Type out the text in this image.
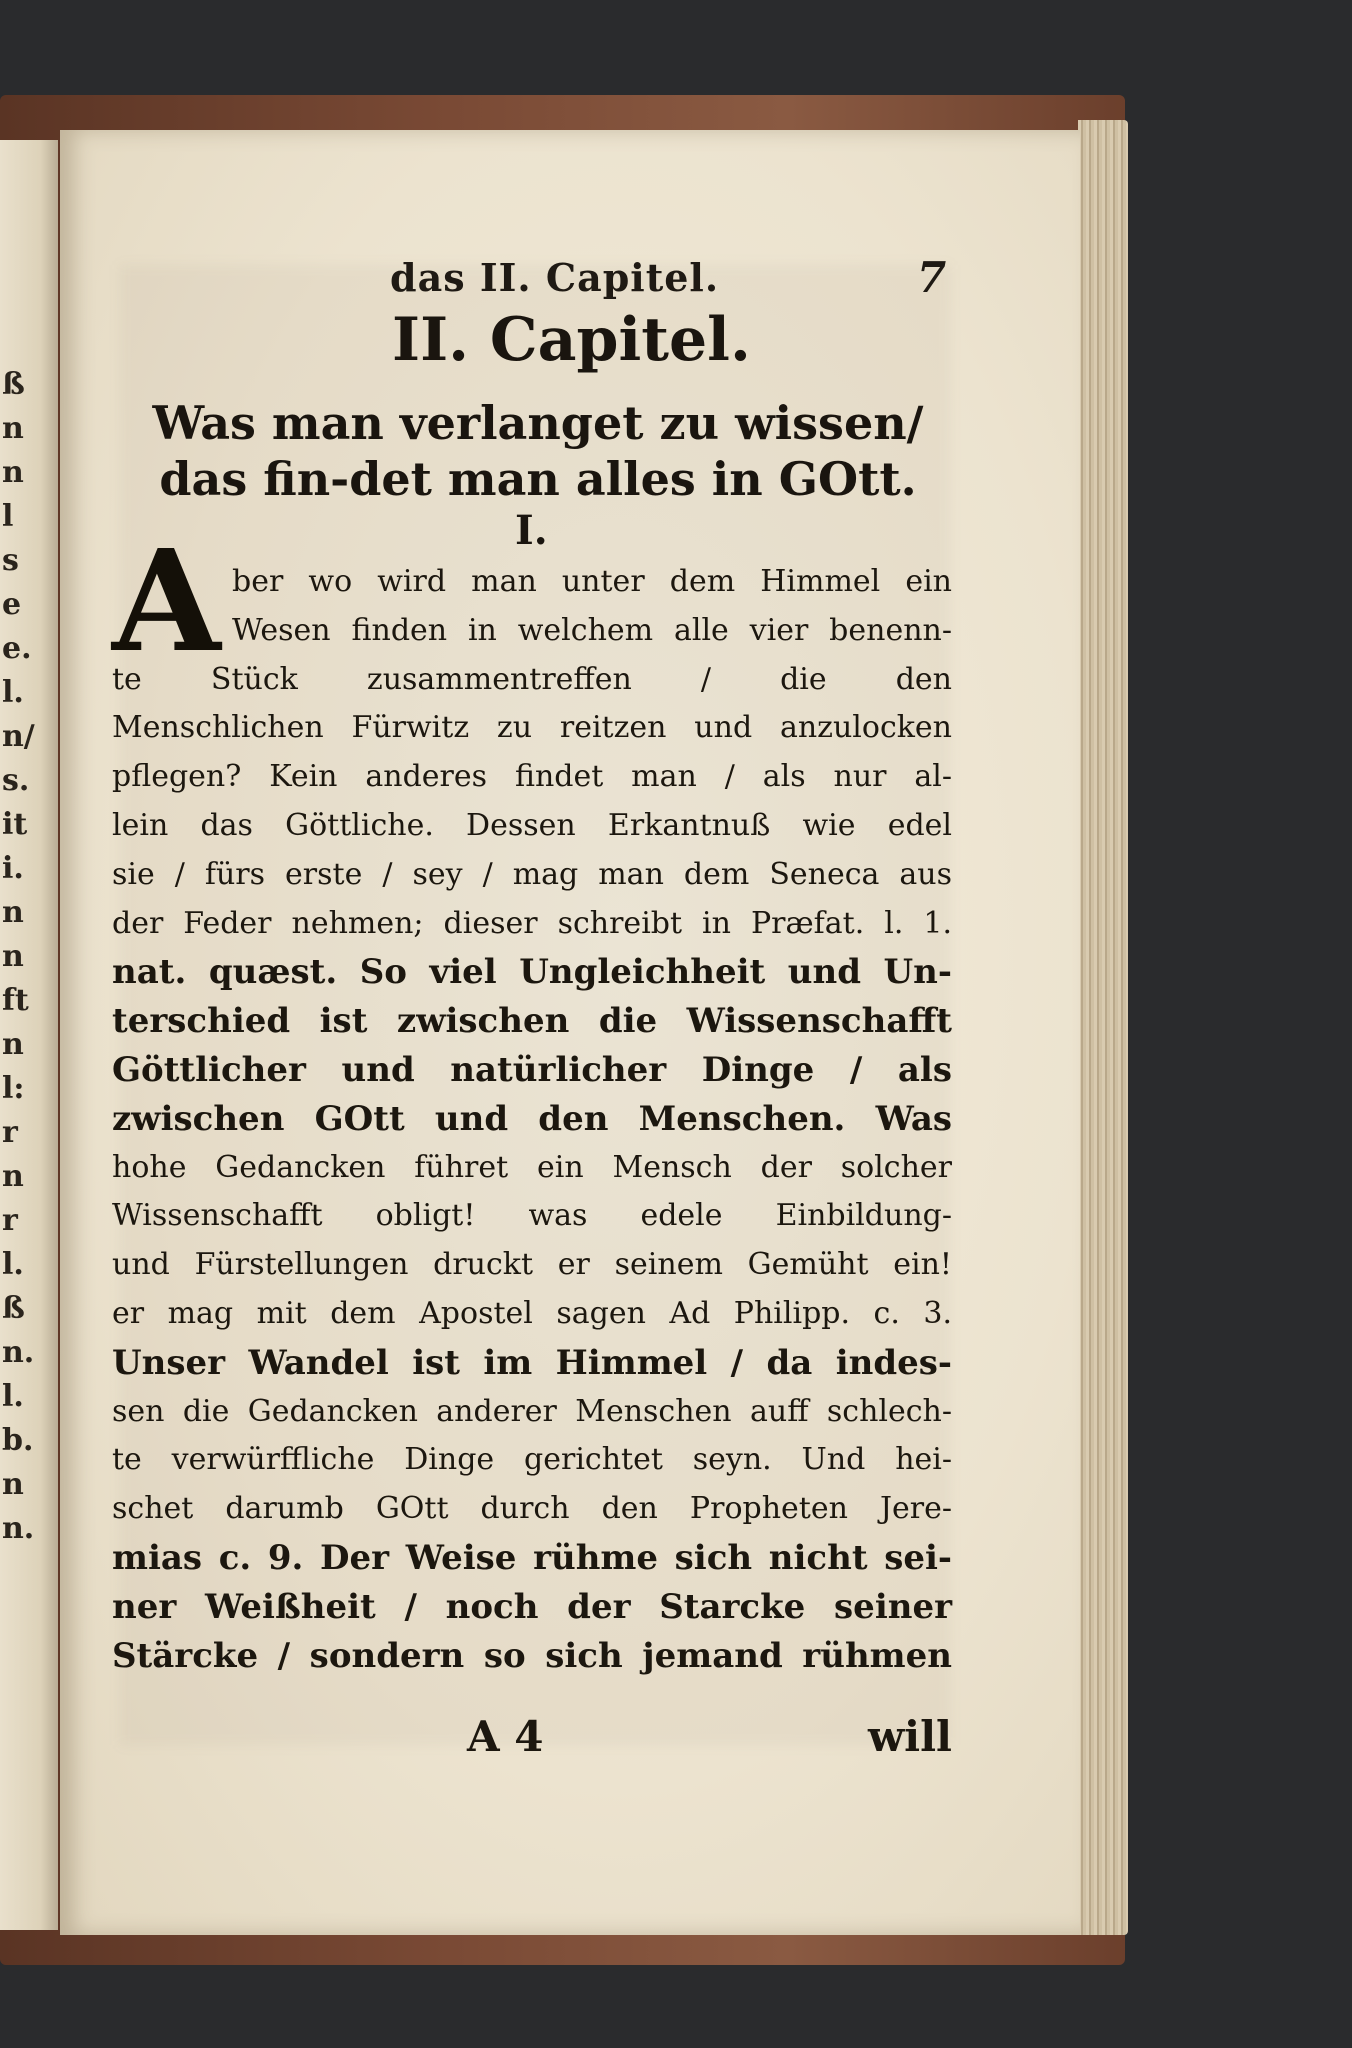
ß
n
n
l
s
e
e.
l.
n/
s.
it
i.
n
n
ft
n
l:
r
n
r
l.
ß
n.
l.
b.
n
n.
das II. Capitel.	7
II. Capitel.
Was man verlanget zu wissen/ das fin-det man alles in GOtt.
I.
A ber wo wird man unter dem Himmel ein
Wesen finden in welchem alle vier benenn-
te Stück zusammentreffen / die den
Menschlichen Fürwitz zu reitzen und anzulocken
pflegen? Kein anderes findet man / als nur al-
lein das Göttliche. Dessen Erkantnuß wie edel
sie / fürs erste / sey / mag man dem Seneca aus
der Feder nehmen; dieser schreibt in Præfat. l. 1.
nat. quæst. So viel Ungleichheit und Un-
terschied ist zwischen die Wissenschafft
Göttlicher und natürlicher Dinge / als
zwischen GOtt und den Menschen. Was
hohe Gedancken führet ein Mensch der solcher
Wissenschafft obligt! was edele Einbildung-
und Fürstellungen druckt er seinem Gemüht ein!
er mag mit dem Apostel sagen Ad Philipp. c. 3.
Unser Wandel ist im Himmel / da indes-
sen die Gedancken anderer Menschen auff schlech-
te verwürffliche Dinge gerichtet seyn. Und hei-
schet darumb GOtt durch den Propheten Jere-
mias c. 9. Der Weise rühme sich nicht sei-
ner Weißheit / noch der Starcke seiner
Stärcke / sondern so sich jemand rühmen
A 4	will
